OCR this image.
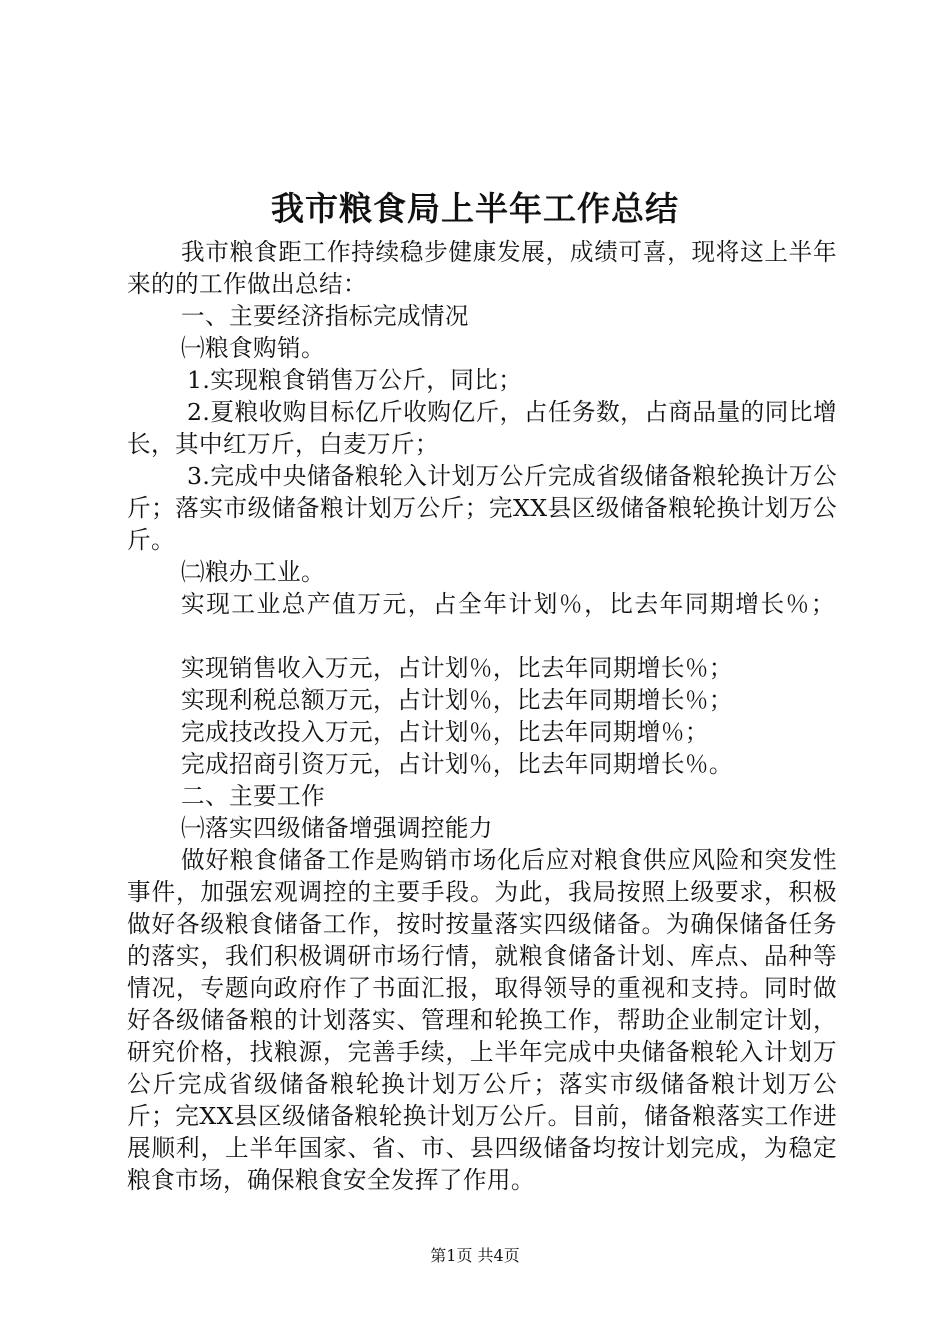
我市粮食局上半年工作总结
我市粮食距工作持续稳步健康发展，成绩可喜，现将这上半年来的的工作做出总结：
一、主要经济指标完成情况
㈠粮食购销。
1.实现粮食销售万公斤，同比；
2.夏粮收购目标亿斤收购亿斤，占任务数，占商品量的同比增长，其中红万斤，白麦万斤；
3.完成中央储备粮轮入计划万公斤完成省级储备粮轮换计万公斤；落实市级储备粮计划万公斤；完XX县区级储备粮轮换计划万公斤。
㈡粮办工业。
实现工业总产值万元，占全年计划％，比去年同期增长％；
实现销售收入万元，占计划％，比去年同期增长％；
实现利税总额万元，占计划％，比去年同期增长％；
完成技改投入万元，占计划％，比去年同期增％；
完成招商引资万元，占计划％，比去年同期增长％。
二、主要工作
㈠落实四级储备增强调控能力
做好粮食储备工作是购销市场化后应对粮食供应风险和突发性事件，加强宏观调控的主要手段。为此，我局按照上级要求，积极做好各级粮食储备工作，按时按量落实四级储备。为确保储备任务的落实，我们积极调研市场行情，就粮食储备计划、库点、品种等情况，专题向政府作了书面汇报，取得领导的重视和支持。同时做好各级储备粮的计划落实、管理和轮换工作，帮助企业制定计划，研究价格，找粮源，完善手续，上半年完成中央储备粮轮入计划万公斤完成省级储备粮轮换计划万公斤；落实市级储备粮计划万公斤；完XX县区级储备粮轮换计划万公斤。目前，储备粮落实工作进展顺利，上半年国家、省、市、县四级储备均按计划完成，为稳定粮食市场，确保粮食安全发挥了作用。
第1页 共4页
